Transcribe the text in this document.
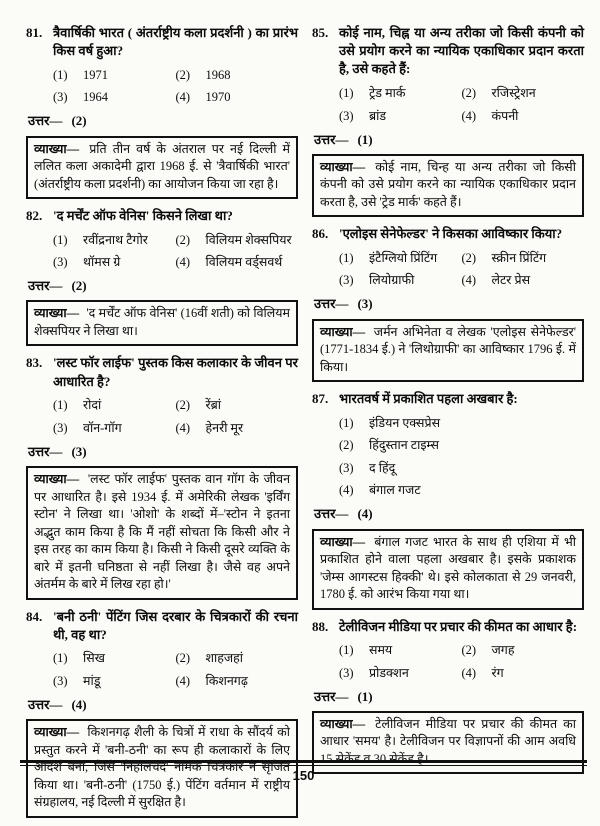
81. त्रैवार्षिकी भारत ( अंतर्राष्ट्रीय कला प्रदर्शनी ) का प्रारंभ किस वर्ष हुआ?
(1)	1971	(2)	1968
(3)	1964	(4)	1970
उत्तर— (2)

व्याख्या— प्रति तीन वर्ष के अंतराल पर नई दिल्ली में ललित कला अकादेमी द्वारा 1968 ई. से 'त्रैवार्षिकी भारत' (अंतर्राष्ट्रीय कला प्रदर्शनी) का आयोजन किया जा रहा है।

82. 'द मर्चेंट ऑफ वेनिस' किसने लिखा था?
(1)	रवींद्रनाथ टैगोर	(2)	विलियम शेक्सपियर
(3)	थॉमस ग्रे	(4)	विलियम वर्ड्सवर्थ
उत्तर— (2)

व्याख्या— 'द मर्चेंट ऑफ वेनिस' (16वीं शती) को विलियम शेक्सपियर ने लिखा था।

83. 'लस्ट फॉर लाईफ' पुस्तक किस कलाकार के जीवन पर आधारित है?
(1)	रोदां	(2)	रेंब्रां
(3)	वॉन-गॉग	(4)	हेनरी मूर
उत्तर— (3)

व्याख्या— 'लस्ट फॉर लाईफ' पुस्तक वान गॉग के जीवन पर आधारित है। इसे 1934 ई. में अमेरिकी लेखक 'इर्विंग स्टोन' ने लिखा था। 'ओशो' के शब्दों में–'स्टोन ने इतना अद्भुत काम किया है कि मैं नहीं सोचता कि किसी और ने इस तरह का काम किया है। किसी ने किसी दूसरे व्यक्ति के बारे में इतनी घनिष्ठता से नहीं लिखा है। जैसे वह अपने अंतर्मम के बारे में लिख रहा हो।'

84. 'बनी ठनी' पेंटिंग जिस दरबार के चित्रकारों की रचना थी, वह था?
(1)	सिख	(2)	शाहजहां
(3)	मांडू	(4)	किशनगढ़
उत्तर— (4)

व्याख्या— किशनगढ़ शैली के चित्रों में राधा के सौंदर्य को प्रस्तुत करने में 'बनी-ठनी' का रूप ही कलाकारों के लिए आदर्श बना, जिसे 'निहालचंद' नामक चित्रकार ने सृजित किया था। 'बनी-ठनी' (1750 ई.) पेंटिंग वर्तमान में राष्ट्रीय संग्रहालय, नई दिल्ली में सुरक्षित है।

85. कोई नाम, चिह्न या अन्य तरीका जो किसी कंपनी को उसे प्रयोग करने का न्यायिक एकाधिकार प्रदान करता है, उसे कहते हैं:
(1)	ट्रेड मार्क	(2)	रजिस्ट्रेशन
(3)	ब्रांड	(4)	कंपनी
उत्तर— (1)

व्याख्या— कोई नाम, चिन्ह या अन्य तरीका जो किसी कंपनी को उसे प्रयोग करने का न्यायिक एकाधिकार प्रदान करता है, उसे 'ट्रेड मार्क' कहते हैं।

86. 'एलोइस सेनेफेल्डर' ने किसका आविष्कार किया?
(1)	इंटैग्लियो प्रिंटिंग	(2)	स्क्रीन प्रिंटिंग
(3)	लियोग्राफी	(4)	लेटर प्रेस
उत्तर— (3)

व्याख्या— जर्मन अभिनेता व लेखक 'एलोइस सेनेफेल्डर' (1771-1834 ई.) ने 'लिथोग्राफी' का आविष्कार 1796 ई. में किया।

87. भारतवर्ष में प्रकाशित पहला अखबार है:
(1)	इंडियन एक्सप्रेस
(2)	हिंदुस्तान टाइम्स
(3)	द हिंदू
(4)	बंगाल गजट
उत्तर— (4)

व्याख्या— बंगाल गजट भारत के साथ ही एशिया में भी प्रकाशित होने वाला पहला अखबार है। इसके प्रकाशक 'जेम्स आगस्टस हिक्की' थे। इसे कोलकाता से 29 जनवरी, 1780 ई. को आरंभ किया गया था।

88. टेलीविजन मीडिया पर प्रचार की कीमत का आधार है:
(1)	समय	(2)	जगह
(3)	प्रोडक्शन	(4)	रंग
उत्तर— (1)

व्याख्या— टेलीविजन मीडिया पर प्रचार की कीमत का आधार 'समय' है। टेलीविजन पर विज्ञापनों की आम अवधि 15 सेकेंड व 30 सेकेंड है।

150
